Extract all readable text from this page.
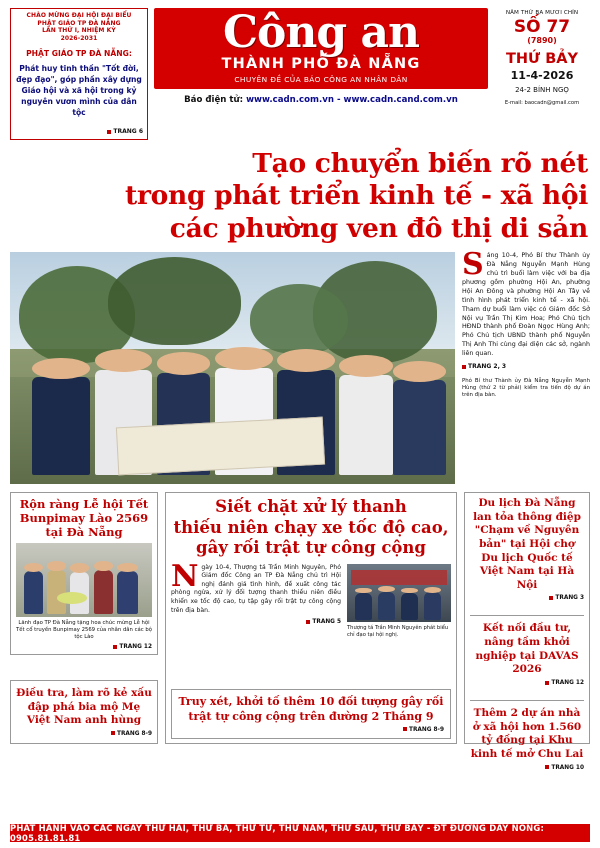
CHÀO MỪNG ĐẠI HỘI ĐẠI BIỂU
PHẬT GIÁO TP ĐÀ NẴNG
LẦN THỨ I, NHIỆM KỲ
2026-2031
PHẬT GIÁO TP ĐÀ NẴNG:
Phát huy tinh thần "Tốt đời, đẹp đạo", góp phần xây dựng Giáo hội và xã hội trong kỷ nguyên vươn mình của dân tộc
TRANG 6
Công an
THÀNH PHỐ ĐÀ NẴNG
CHUYÊN ĐỀ CỦA BÁO CÔNG AN NHÂN DÂN
Báo điện tử: www.cadn.com.vn - www.cadn.cand.com.vn
NĂM THỨ BA MƯƠI CHÍN
SỐ 77
(7890)
THỨ BẢY
11-4-2026
24-2 BÍNH NGỌ
E-mail: baocadn@gmail.com
Tạo chuyển biến rõ nét
trong phát triển kinh tế - xã hội
các phường ven đô thị di sản

Sáng 10-4, Phó Bí thư Thành ủy Đà Nẵng Nguyễn Mạnh Hùng chủ trì buổi làm việc với ba địa phương gồm phường Hội An, phường Hội An Đông và phường Hội An Tây về tình hình phát triển kinh tế - xã hội. Tham dự buổi làm việc có Giám đốc Sở Nội vụ Trần Thị Kim Hoa; Phó Chủ tịch HĐND thành phố Đoàn Ngọc Hùng Anh; Phó Chủ tịch UBND thành phố Nguyễn Thị Anh Thi cùng đại diện các sở, ngành liên quan.

TRANG 2, 3
Phó Bí thư Thành ủy Đà Nẵng Nguyễn Mạnh Hùng (thứ 2 từ phải) kiểm tra tiến độ dự án trên địa bàn.
Rộn ràng Lễ hội Tết Bunpimay Lào 2569 tại Đà Nẵng
Lãnh đạo TP Đà Nẵng tặng hoa chúc mừng Lễ hội Tết cổ truyền Bunpimay 2569 của nhân dân các bộ tộc Lào
TRANG 12
Điều tra, làm rõ kẻ xấu đập phá bia mộ Mẹ Việt Nam anh hùng
TRANG 8-9
Siết chặt xử lý thanh
thiếu niên chạy xe tốc độ cao,
gây rối trật tự công cộng
Ngày 10-4, Thượng tá Trần Minh Nguyên, Phó Giám đốc Công an TP Đà Nẵng chủ trì Hội nghị đánh giá tình hình, đề xuất công tác phòng ngừa, xử lý đối tượng thanh thiếu niên điều khiển xe tốc độ cao, tụ tập gây rối trật tự công cộng trên địa bàn.
TRANG 5
Thượng tá Trần Minh Nguyên phát biểu chỉ đạo tại hội nghị.
Truy xét, khởi tố thêm 10 đối tượng gây rối
trật tự công cộng trên đường 2 Tháng 9
TRANG 8-9
Du lịch Đà Nẵng lan tỏa thông điệp "Chạm về Nguyên bản" tại Hội chợ Du lịch Quốc tế Việt Nam tại Hà Nội
TRANG 3
Kết nối đầu tư, nâng tầm khởi nghiệp tại DAVAS 2026
TRANG 12
Thêm 2 dự án nhà ở xã hội hơn 1.560 tỷ đồng tại Khu kinh tế mở Chu Lai
TRANG 10
PHÁT HÀNH VÀO CÁC NGÀY THỨ HAI, THỨ BA, THỨ TƯ, THỨ NĂM, THỨ SÁU, THỨ BẢY - ĐT ĐƯỜNG DÂY NÓNG: 0905.81.81.81
